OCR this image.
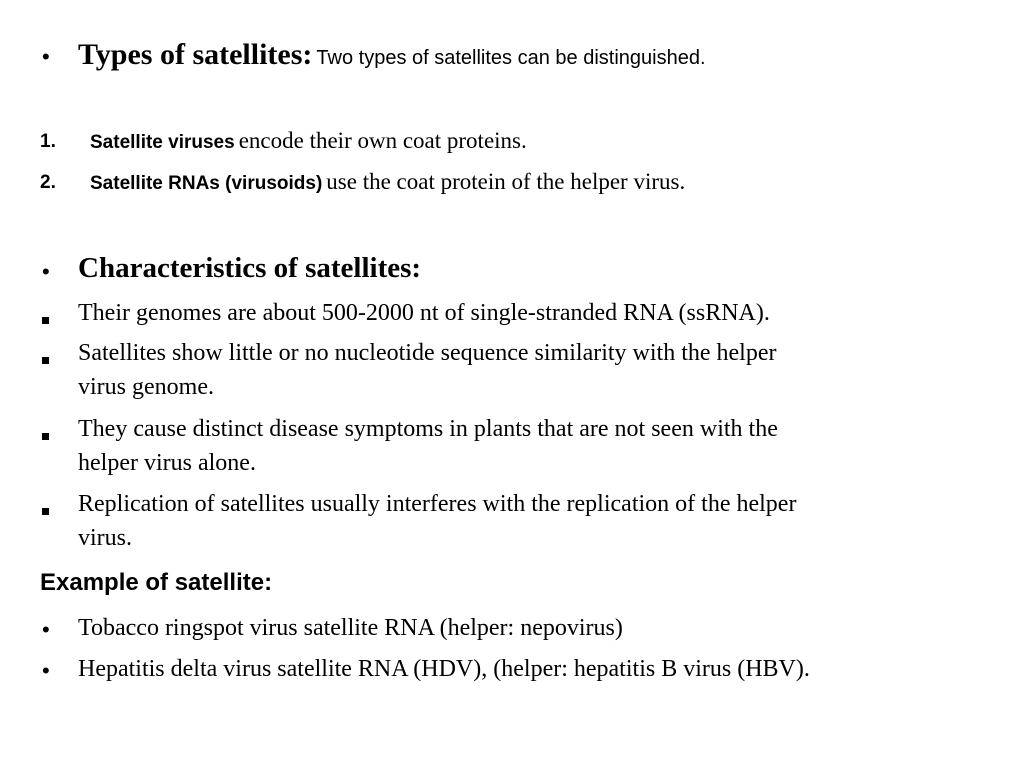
• Types of satellites: Two types of satellites can be distinguished.
1. Satellite viruses encode their own coat proteins.
2. Satellite RNAs (virusoids) use the coat protein of the helper virus.
• Characteristics of satellites:
Their genomes are about 500-2000 nt of single-stranded RNA (ssRNA).
Satellites show little or no nucleotide sequence similarity with the helper
virus genome.
They cause distinct disease symptoms in plants that are not seen with the
helper virus alone.
Replication of satellites usually interferes with the replication of the helper
virus.
Example of satellite:
• Tobacco ringspot virus satellite RNA (helper: nepovirus)
• Hepatitis delta virus satellite RNA (HDV), (helper: hepatitis B virus (HBV).
